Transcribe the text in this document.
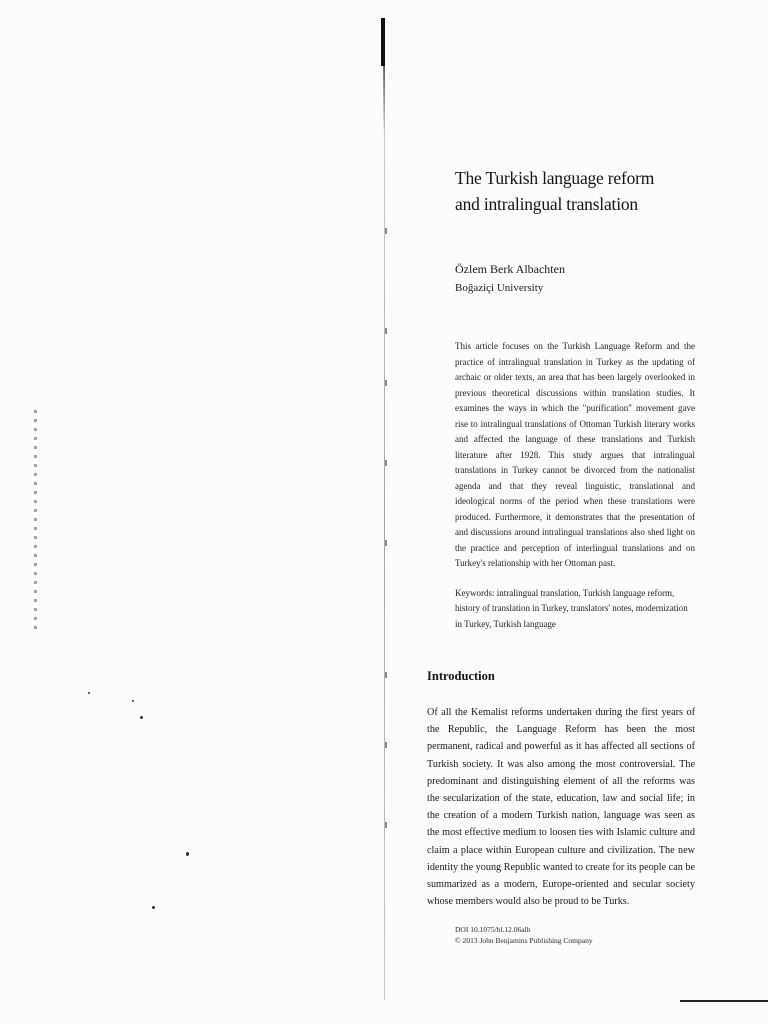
The Turkish language reform
and intralingual translation
Özlem Berk Albachten
Boğaziçi University

This article focuses on the Turkish Language Reform and the practice of intralingual translation in Turkey as the updating of archaic or older texts, an area that has been largely overlooked in previous theoretical discussions within translation studies. It examines the ways in which the "purification" movement gave rise to intralingual translations of Ottoman Turkish literary works and affected the language of these translations and Turkish literature after 1928. This study argues that intralingual translations in Turkey cannot be divorced from the nationalist agenda and that they reveal linguistic, translational and ideological norms of the period when these translations were produced. Furthermore, it demonstrates that the presentation of and discussions around intralingual translations also shed light on the practice and perception of interlingual translations and on Turkey's relationship with her Ottoman past.

Keywords: intralingual translation, Turkish language reform, history of translation in Turkey, translators' notes, modernization in Turkey, Turkish language

Introduction

Of all the Kemalist reforms undertaken during the first years of the Republic, the Language Reform has been the most permanent, radical and powerful as it has affected all sections of Turkish society. It was also among the most controversial. The predominant and distinguishing element of all the reforms was the secularization of the state, education, law and social life; in the creation of a modern Turkish nation, language was seen as the most effective medium to loosen ties with Islamic culture and claim a place within European culture and civilization. The new identity the young Republic wanted to create for its people can be summarized as a modern, Europe-oriented and secular society whose members would also be proud to be Turks.

DOI 10.1075/bl.12.06alb
© 2013 John Benjamins Publishing Company
